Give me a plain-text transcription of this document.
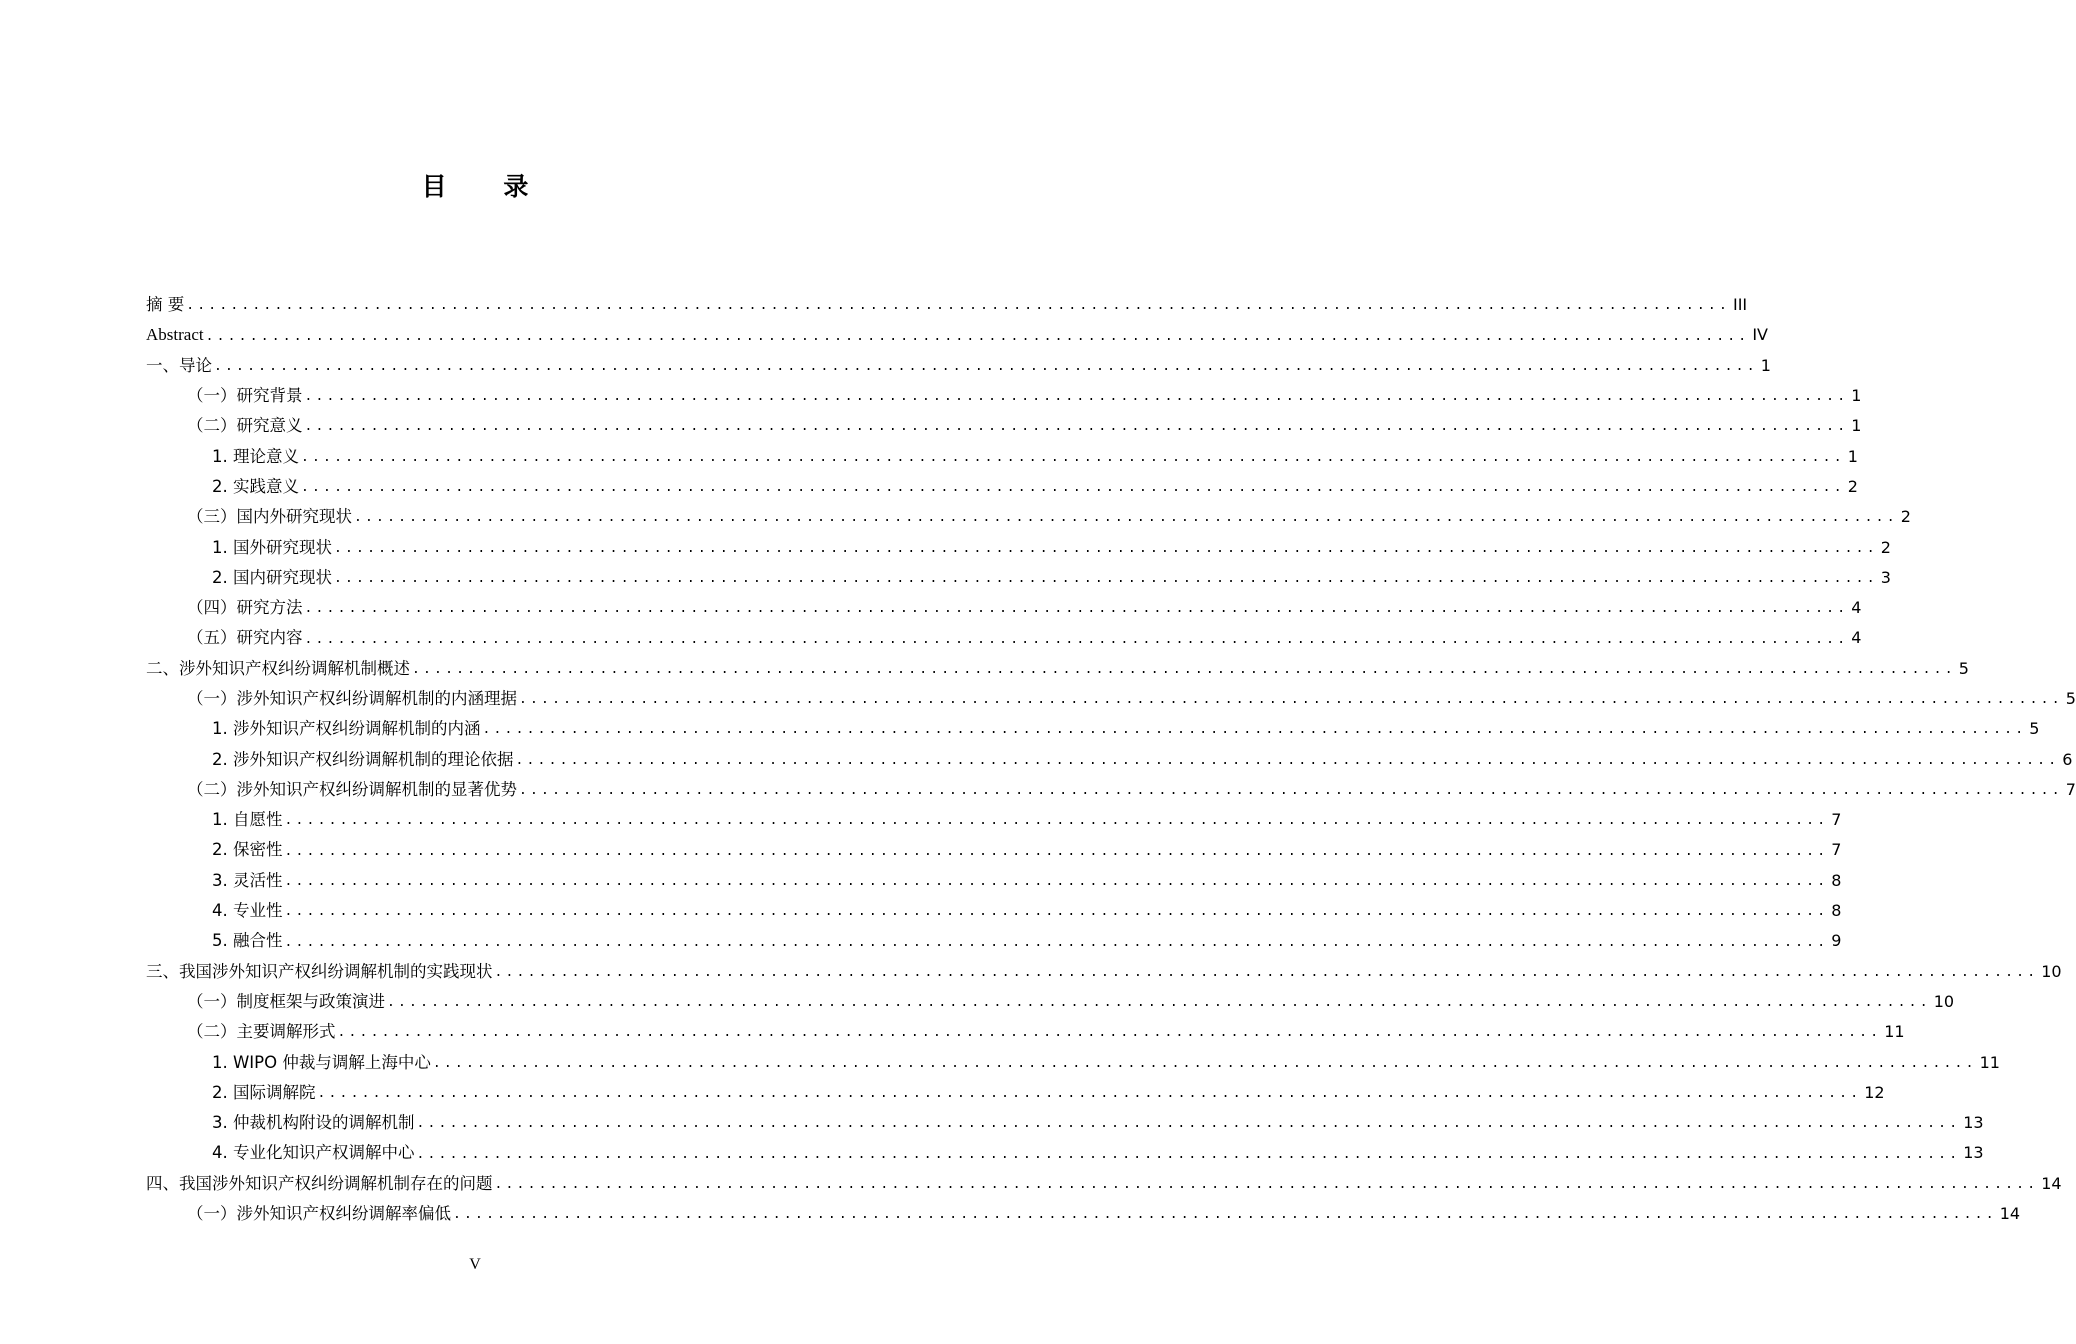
目 录
摘 要 ............................................................................................................................................ III
Abstract ............................................................................................................................................ IV
一、导论 ............................................................................................................................................ 1
（一）研究背景 ............................................................................................................................................ 1
（二）研究意义 ............................................................................................................................................ 1
1. 理论意义 ............................................................................................................................................ 1
2. 实践意义 ............................................................................................................................................ 2
（三）国内外研究现状 ............................................................................................................................................ 2
1. 国外研究现状 ............................................................................................................................................ 2
2. 国内研究现状 ............................................................................................................................................ 3
（四）研究方法 ............................................................................................................................................ 4
（五）研究内容 ............................................................................................................................................ 4
二、涉外知识产权纠纷调解机制概述 ............................................................................................................................................ 5
（一）涉外知识产权纠纷调解机制的内涵理据 ............................................................................................................................................ 5
1. 涉外知识产权纠纷调解机制的内涵 ............................................................................................................................................ 5
2. 涉外知识产权纠纷调解机制的理论依据 ............................................................................................................................................ 6
（二）涉外知识产权纠纷调解机制的显著优势 ............................................................................................................................................ 7
1. 自愿性 ............................................................................................................................................ 7
2. 保密性 ............................................................................................................................................ 7
3. 灵活性 ............................................................................................................................................ 8
4. 专业性 ............................................................................................................................................ 8
5. 融合性 ............................................................................................................................................ 9
三、我国涉外知识产权纠纷调解机制的实践现状 ............................................................................................................................................ 10
（一）制度框架与政策演进 ............................................................................................................................................ 10
（二）主要调解形式 ............................................................................................................................................ 11
1. WIPO 仲裁与调解上海中心 ............................................................................................................................................ 11
2. 国际调解院 ............................................................................................................................................ 12
3. 仲裁机构附设的调解机制 ............................................................................................................................................ 13
4. 专业化知识产权调解中心 ............................................................................................................................................ 13
四、我国涉外知识产权纠纷调解机制存在的问题 ............................................................................................................................................ 14
（一）涉外知识产权纠纷调解率偏低 ............................................................................................................................................ 14
V
